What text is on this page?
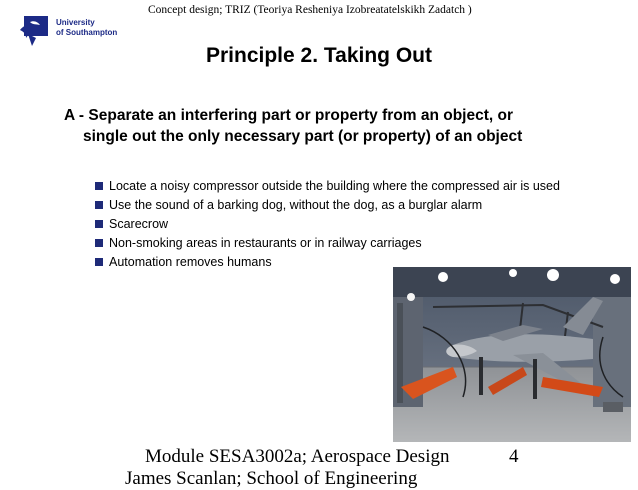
Concept design; TRIZ (Teoriya Resheniya Izobreatatelskikh Zadatch )
University
of Southampton
Principle 2. Taking Out
A - Separate an interfering part or property from an object, or
single out the only necessary part (or property) of an object
Locate a noisy compressor outside the building where the compressed air is used
Use the sound of a barking dog, without the dog, as a burglar alarm
Scarecrow
Non-smoking areas in restaurants or in railway carriages
Automation removes humans
Module SESA3002a; Aerospace Design
James Scanlan; School of Engineering
4
